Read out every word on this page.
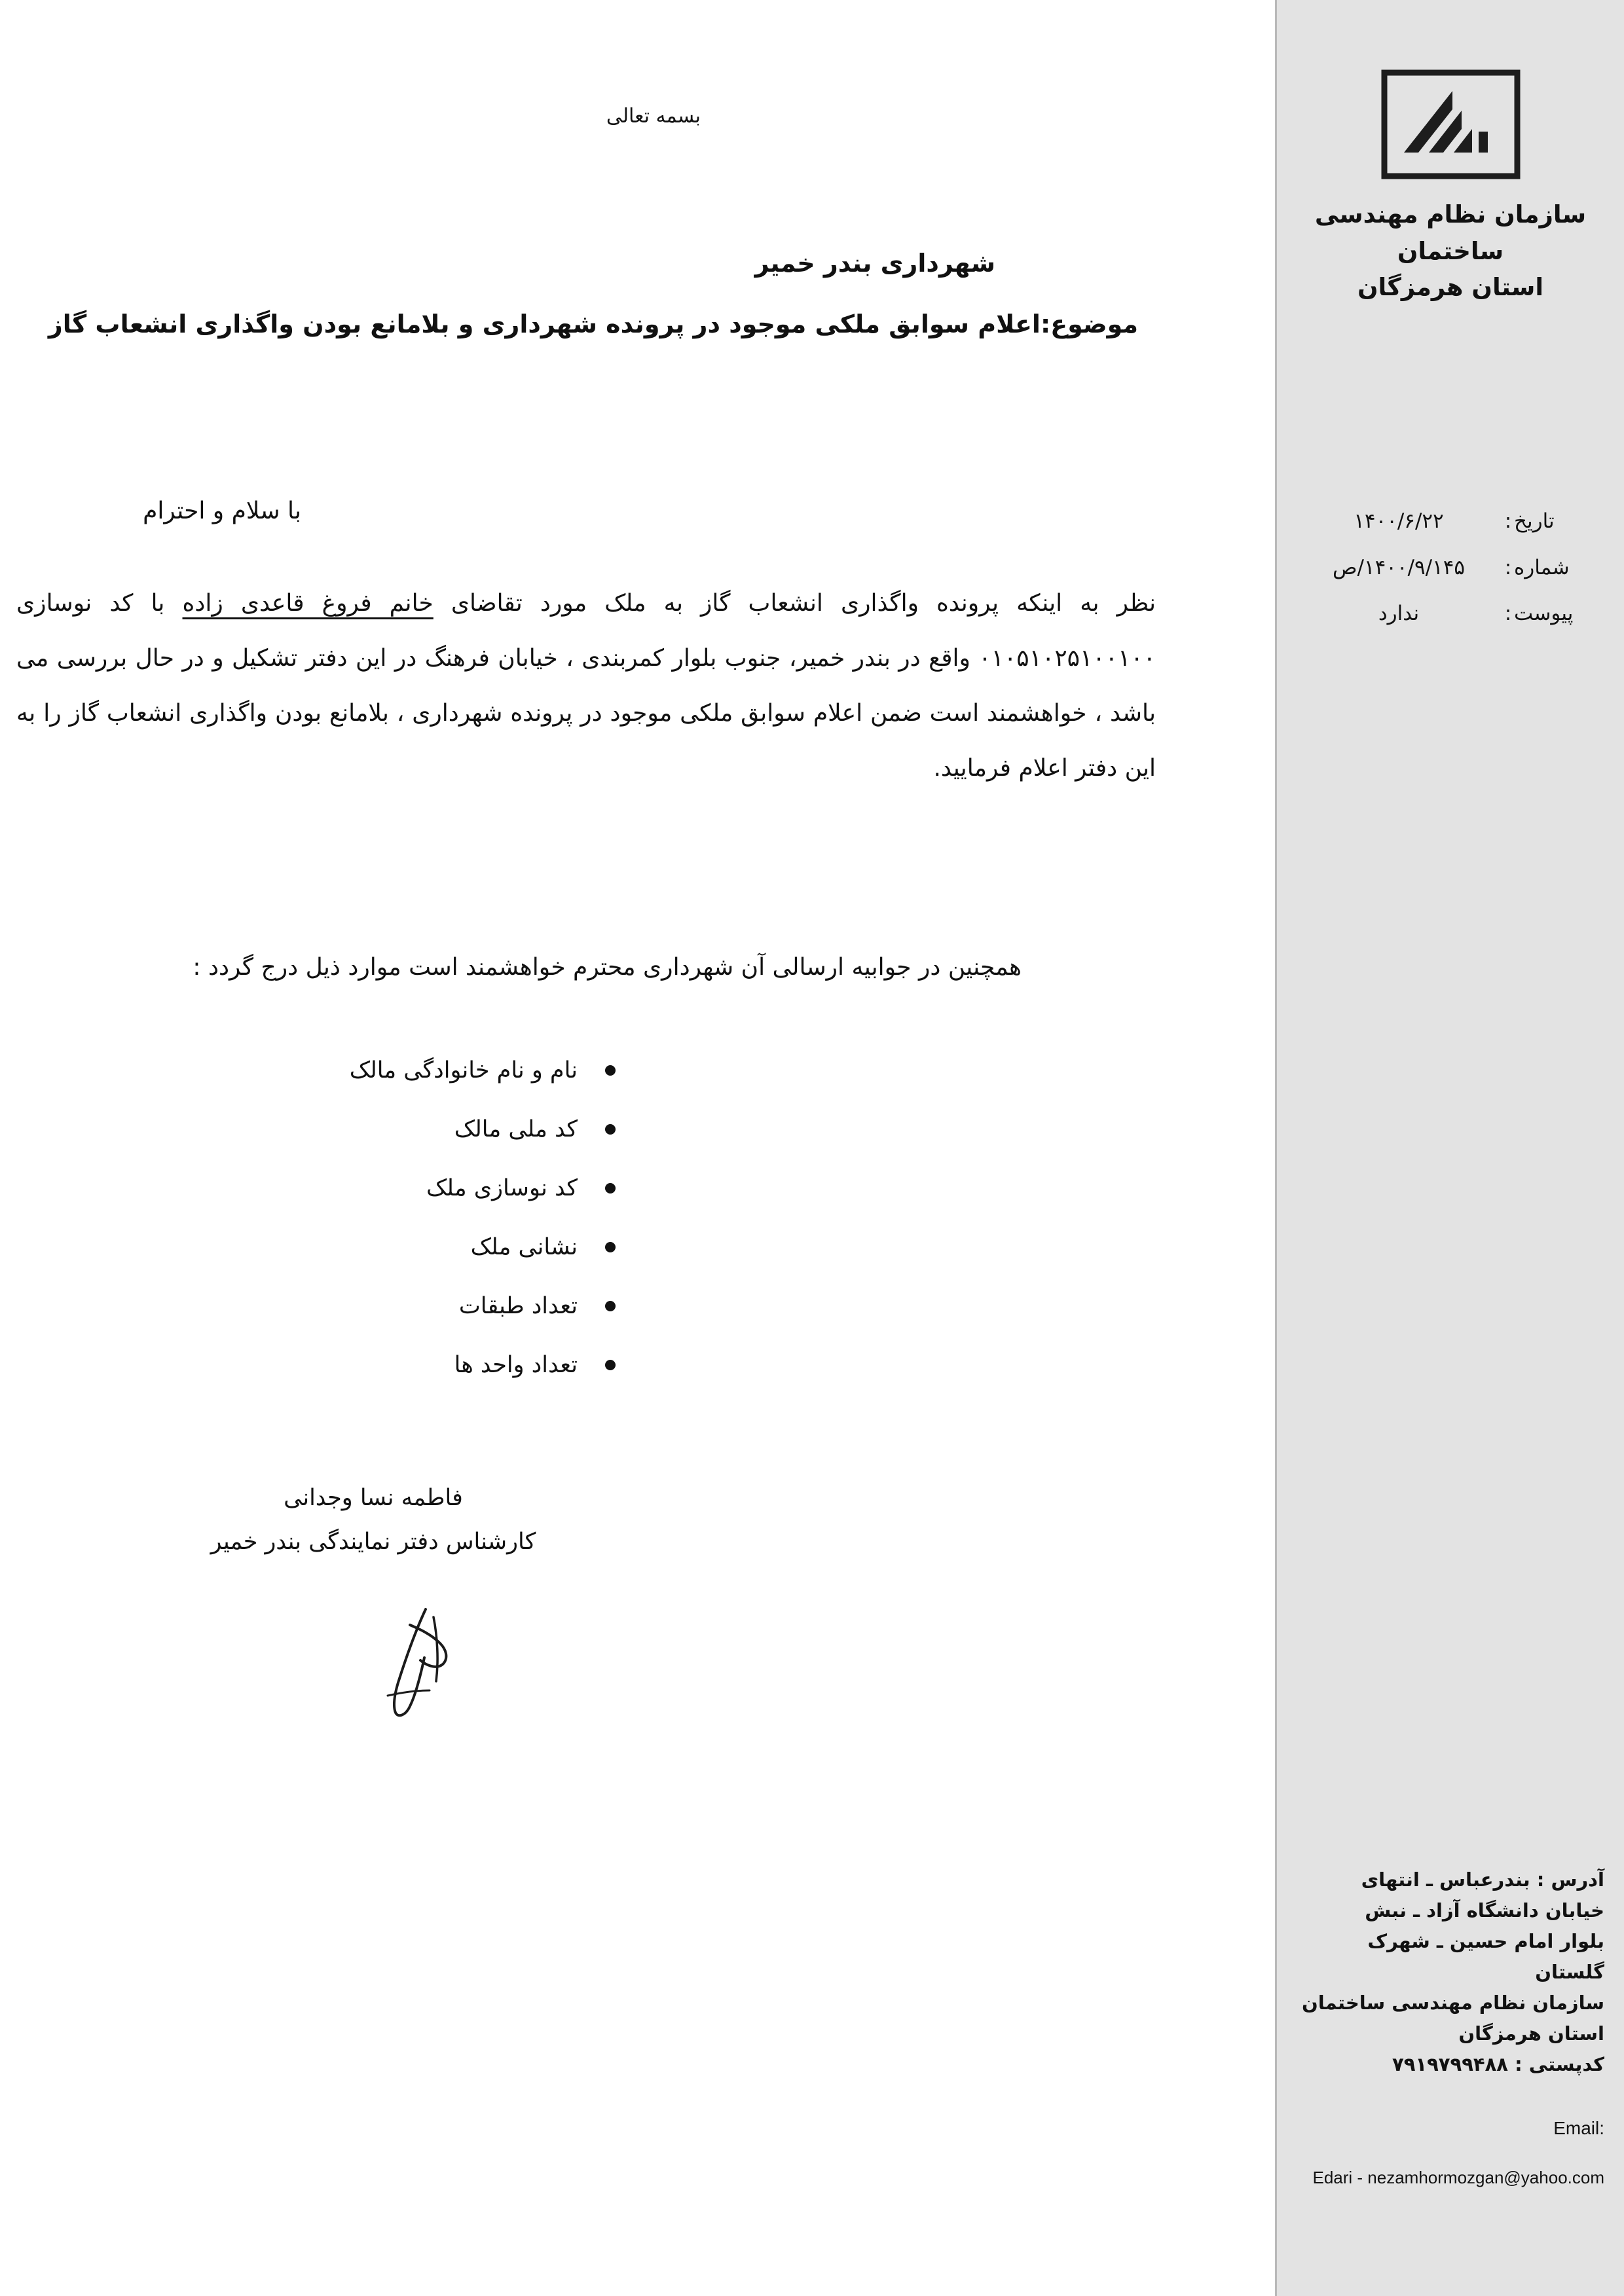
سازمان نظام مهندسی ساختمان
استان هرمزگان
تاریخ
:
۱۴۰۰/۶/۲۲
شماره
:
۱۴۰۰/۹/۱۴۵/ص
پیوست
:
ندارد
آدرس : بندرعباس ـ انتهای
خیابان دانشگاه آزاد ـ نبش
بلوار امام حسین ـ شهرک
گلستان
سازمان نظام مهندسی ساختمان
استان هرمزگان
کدپستی : ۷۹۱۹۷۹۹۴۸۸
Email:
Edari - nezamhormozgan@yahoo.com
بسمه تعالی
شهرداری بندر خمیر
موضوع:اعلام سوابق ملکی موجود در پرونده شهرداری و بلامانع بودن واگذاری انشعاب گاز
با سلام و احترام
نظر به اینکه پرونده واگذاری انشعاب گاز به ملک مورد تقاضای خانم فروغ قاعدی زاده با کد نوسازی ۰۱۰۵۱۰۲۵۱۰۰۱۰۰ واقع در بندر خمیر، جنوب بلوار کمربندی ، خیابان فرهنگ در این دفتر تشکیل و در حال بررسی می باشد ، خواهشمند است ضمن اعلام سوابق ملکی موجود در پرونده شهرداری ، بلامانع بودن واگذاری انشعاب گاز را به این دفتر اعلام فرمایید.
همچنین در جوابیه ارسالی آن شهرداری محترم خواهشمند است موارد ذیل درج گردد :
نام و نام خانوادگی مالک
کد ملی مالک
کد نوسازی ملک
نشانی ملک
تعداد طبقات
تعداد واحد ها
فاطمه نسا وجدانی
کارشناس دفتر نمایندگی بندر خمیر
